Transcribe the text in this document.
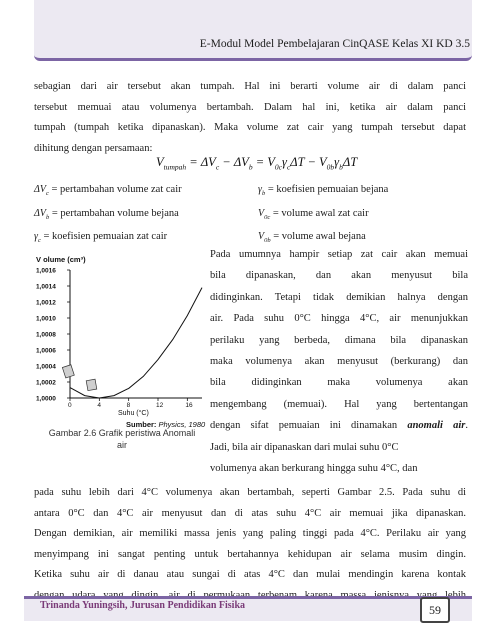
E-Modul Model Pembelajaran CinQASE Kelas XI KD 3.5
sebagian dari air tersebut akan tumpah. Hal ini berarti volume air di dalam panci
tersebut memuai atau volumenya bertambah. Dalam hal ini, ketika air dalam panci
tumpah (tumpah ketika dipanaskan). Maka volume zat cair yang tumpah tersebut dapat
dihitung dengan persamaan:
$V_{tumpah} = \Delta V_c - \Delta V_b = V_{0c}\gamma_c\Delta T - V_{0b}\gamma_b\Delta T$
$\Delta V_c$ = pertambahan volume zat cair
$\Delta V_b$ = pertambahan volume bejana
$\gamma_c$ = koefisien pemuaian zat cair
$\gamma_b$ = koefisien pemuaian bejana
$V_{0c}$ = volume awal zat cair
$V_{0b}$ = volume awal bejana
V olume (cm³)
1,0016
1,0014
1,0012
1,0010
1,0008
1,0006
1,0004
1,0002
1,0000
0	4	8	12	16
Suhu (°C)
Sumber: Physics, 1980
Gambar 2.6 Grafik peristiwa Anomali
air
Pada umumnya hampir setiap zat cair akan memuai
bila dipanaskan, dan akan menyusut bila
didinginkan. Tetapi tidak demikian halnya dengan
air. Pada suhu 0°C hingga 4°C, air menunjukkan
perilaku yang berbeda, dimana bila dipanaskan
maka volumenya akan menyusut (berkurang) dan
bila didinginkan maka volumenya akan
mengembang (memuai). Hal yang bertentangan
dengan sifat pemuaian ini dinamakan anomali air.
Jadi, bila air dipanaskan dari mulai suhu 0°C
volumenya akan berkurang hingga suhu 4°C, dan
pada suhu lebih dari 4°C volumenya akan bertambah, seperti Gambar 2.5. Pada suhu di
antara 0°C dan 4°C air menyusut dan di atas suhu 4°C air memuai jika dipanaskan.
Dengan demikian, air memiliki massa jenis yang paling tinggi pada 4°C. Perilaku air yang
menyimpang ini sangat penting untuk bertahannya kehidupan air selama musim dingin.
Ketika suhu air di danau atau sungai di atas 4°C dan mulai mendingin karena kontak
Trinanda Yuningsih, Jurusan Pendidikan Fisika	59
